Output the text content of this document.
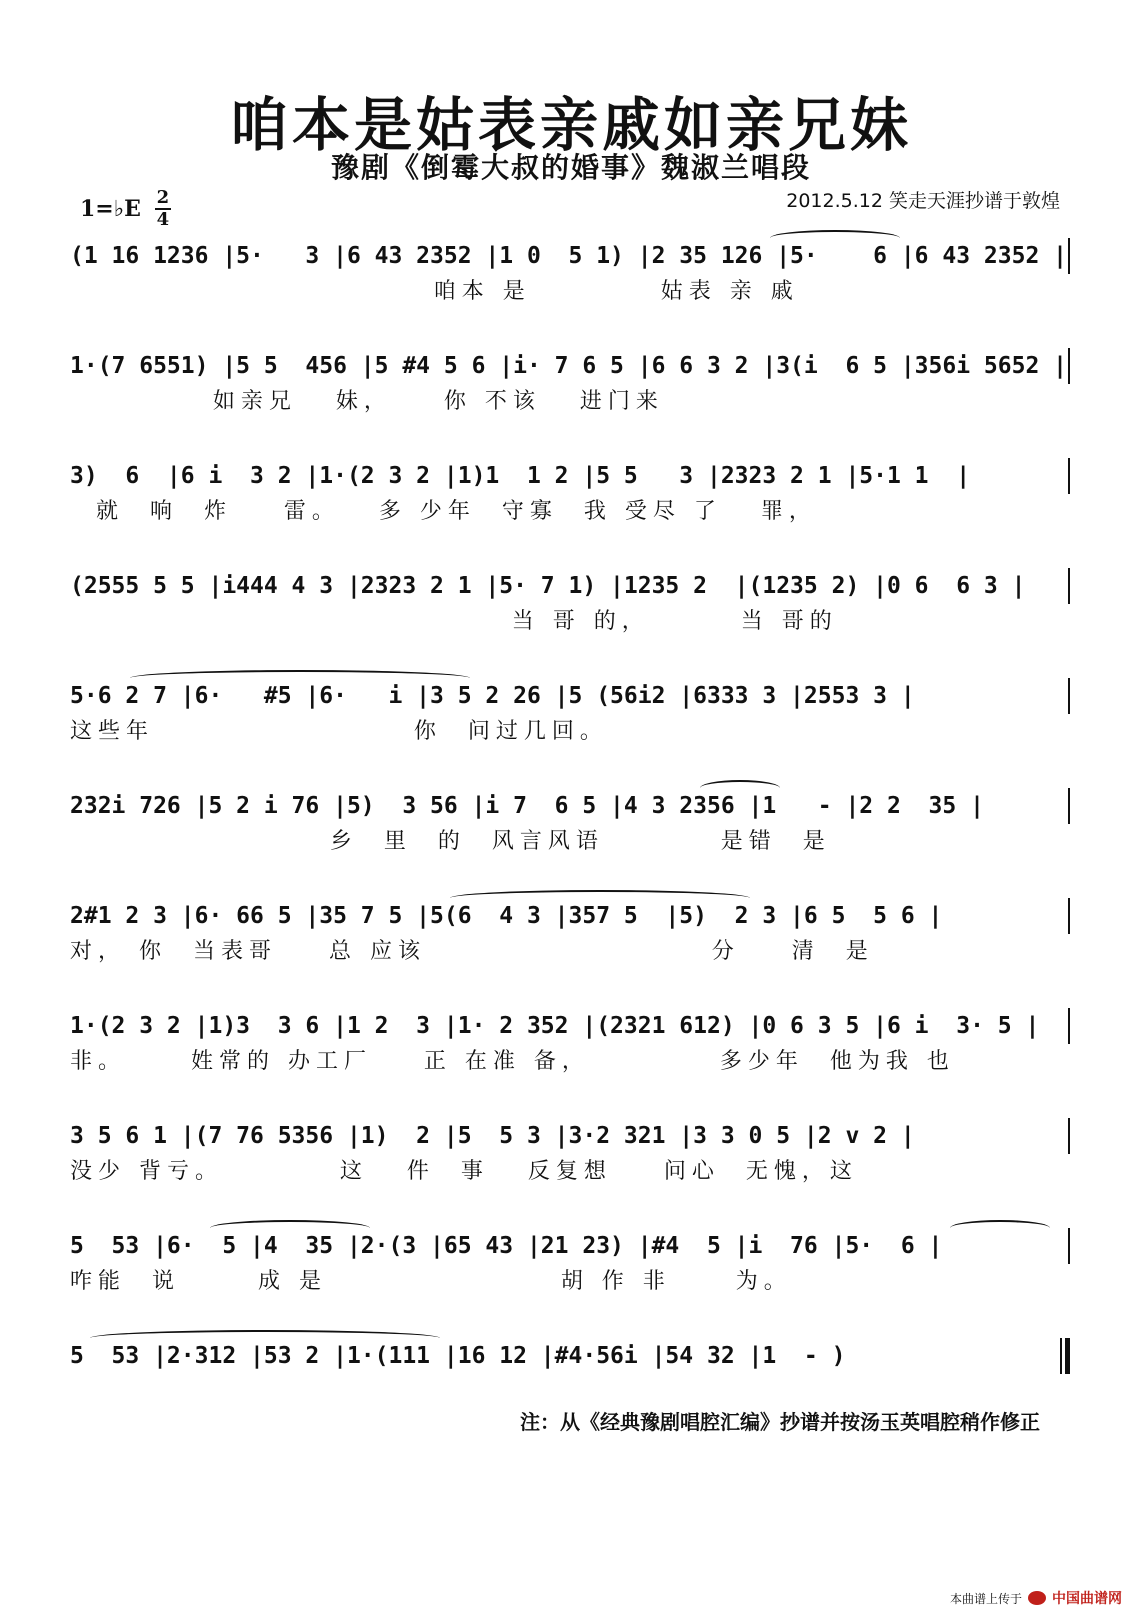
咱本是姑表亲戚如亲兄妹
豫剧《倒霉大叔的婚事》魏淑兰唱段
1=♭E 2
4
2012.5.12 笑走天涯抄谱于敦煌
(1 16 1236 |5·   3 |6 43 2352 |1 0  5 1) |2 35 126 |5·    6 |6 43 2352 |
咱本 是          姑表 亲 戚
1·(7 6551) |5 5  456 |5 #4 5 6 |i· 7 6 5 |6 6 3 2 |3(i  6 5 |356i 5652 |
如亲兄   妹，    你 不该   进门来
3)  6  |6 i  3 2 |1·(2 3 2 |1)1  1 2 |5 5   3 |2323 2 1 |5·1 1  |
就  响  炸    雷。   多 少年  守寡  我 受尽 了   罪，
(2555 5 5 |i444 4 3 |2323 2 1 |5· 7 1) |1235 2  |(1235 2) |0 6  6 3 |
当 哥 的，       当 哥的
5·6 2 7 |6·   #5 |6·   i |3 5 2 26 |5 (56i2 |6333 3 |2553 3 |
这些年                    你  问过几回。
232i 726 |5 2 i 76 |5)  3 56 |i 7  6 5 |4 3 2356 |1   - |2 2  35 |
乡  里  的  风言风语         是错  是
2#1 2 3 |6· 66 5 |35 7 5 |5(6  4 3 |357 5  |5)  2 3 |6 5  5 6 |
对， 你  当表哥    总 应该                      分    清  是
1·(2 3 2 |1)3  3 6 |1 2  3 |1· 2 352 |(2321 612) |0 6 3 5 |6 i  3· 5 |
非。     姓常的 办工厂    正 在准 备，          多少年  他为我 也
3 5 6 1 |(7 76 5356 |1)  2 |5  5 3 |3·2 321 |3 3 0 5 |2 v 2 |
没少 背亏。         这   件  事   反复想    问心  无愧，这
5  53 |6·  5 |4  35 |2·(3 |65 43 |21 23) |#4  5 |i  76 |5·  6 |
咋能  说      成 是                  胡 作 非     为。
5  53 |2·312 |53 2 |1·(111 |16 12 |#4·56i |54 32 |1  - )
注：从《经典豫剧唱腔汇编》抄谱并按汤玉英唱腔稍作修正
本曲谱上传于 中国曲谱网
